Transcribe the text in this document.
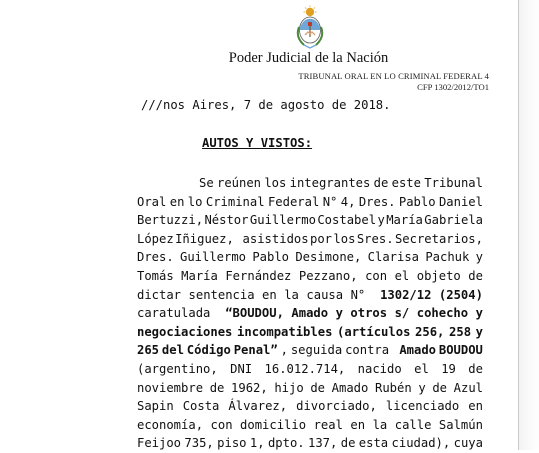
Poder Judicial de la Nación
TRIBUNAL ORAL EN LO CRIMINAL FEDERAL 4
CFP 1302/2012/TO1
///nos Aires, 7 de agosto de 2018.
AUTOS Y VISTOS:
Se reúnen los integrantes de este Tribunal
Oral en lo Criminal Federal N° 4, Dres. Pablo Daniel
Bertuzzi, Néstor Guillermo Costabel y María Gabriela
López Iñiguez, asistidos por los Sres. Secretarios,
Dres. Guillermo Pablo Desimone, Clarisa Pachuk y
Tomás María Fernández Pezzano, con el objeto de
dictar sentencia en la causa N° 1302/12 (2504)
caratulada “BOUDOU, Amado y otros s/ cohecho y
negociaciones incompatibles (artículos 256, 258 y
265 del Código Penal” , seguida contra Amado BOUDOU
(argentino, DNI 16.012.714, nacido el 19 de
noviembre de 1962, hijo de Amado Rubén y de Azul
Sapin Costa Álvarez, divorciado, licenciado en
economía, con domicilio real en la calle Salmún
Feijoo 735, piso 1, dpto. 137, de esta ciudad), cuya
